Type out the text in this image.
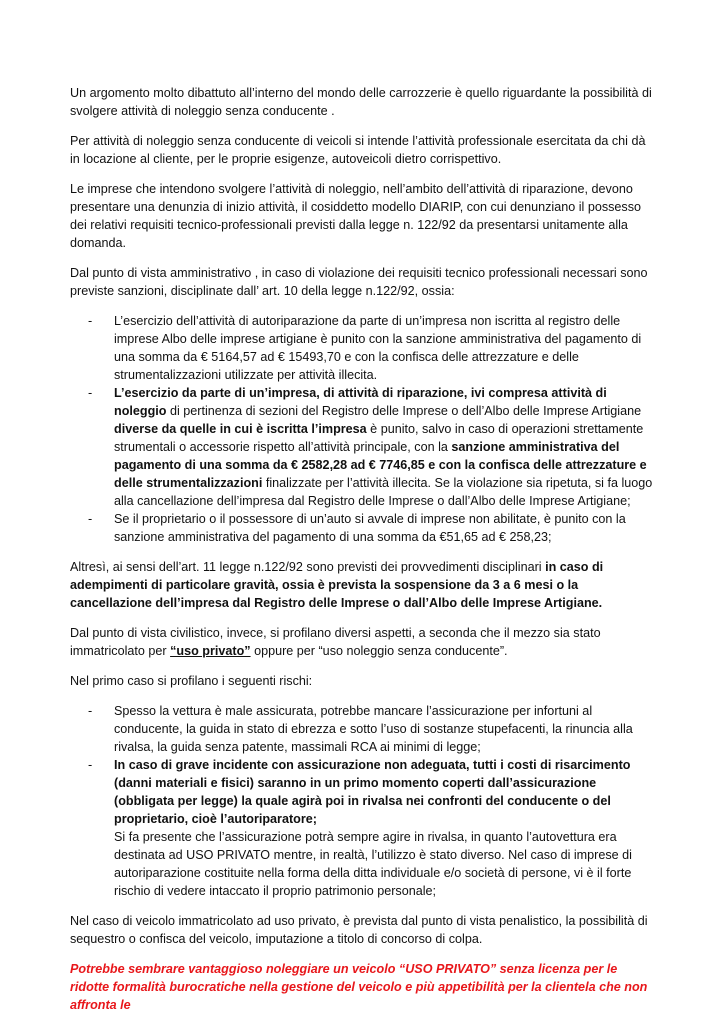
Un argomento molto dibattuto all’interno del mondo delle carrozzerie è quello riguardante la possibilità di svolgere attività di noleggio senza conducente .

Per attività di noleggio senza conducente di veicoli si intende l’attività professionale esercitata da chi dà in locazione al cliente, per le proprie esigenze, autoveicoli dietro corrispettivo.

Le imprese che intendono svolgere l’attività di noleggio, nell’ambito dell’attività di riparazione, devono presentare una denunzia di inizio attività, il cosiddetto modello DIARIP, con cui denunziano il possesso dei relativi requisiti tecnico-professionali previsti dalla legge n. 122/92 da presentarsi unitamente alla domanda.

Dal punto di vista amministrativo , in caso di violazione dei requisiti tecnico professionali necessari sono previste sanzioni, disciplinate dall’ art. 10 della legge n.122/92, ossia:

- L’esercizio dell’attività di autoriparazione da parte di un’impresa non iscritta al registro delle imprese Albo delle imprese artigiane è punito con la sanzione amministrativa del pagamento di una somma da € 5164,57 ad € 15493,70 e con la confisca delle attrezzature e delle strumentalizzazioni utilizzate per attività illecita.
- L’esercizio da parte di un’impresa, di attività di riparazione, ivi compresa attività di noleggio di pertinenza di sezioni del Registro delle Imprese o dell’Albo delle Imprese Artigiane diverse da quelle in cui è iscritta l’impresa è punito, salvo in caso di operazioni strettamente strumentali o accessorie rispetto all’attività principale, con la sanzione amministrativa del pagamento di una somma da € 2582,28 ad € 7746,85 e con la confisca delle attrezzature e delle strumentalizzazioni finalizzate per l’attività illecita. Se la violazione sia ripetuta, si fa luogo alla cancellazione dell’impresa dal Registro delle Imprese o dall’Albo delle Imprese Artigiane;
- Se il proprietario o il possessore di un’auto si avvale di imprese non abilitate, è punito con la sanzione amministrativa del pagamento di una somma da €51,65 ad € 258,23;

Altresì, ai sensi dell’art. 11 legge n.122/92 sono previsti dei provvedimenti disciplinari in caso di adempimenti di particolare gravità, ossia è prevista la sospensione da 3 a 6 mesi o la cancellazione dell’impresa dal Registro delle Imprese o dall’Albo delle Imprese Artigiane.

Dal punto di vista civilistico, invece, si profilano diversi aspetti, a seconda che il mezzo sia stato immatricolato per “uso privato” oppure per “uso noleggio senza conducente”.

Nel primo caso si profilano i seguenti rischi:

- Spesso la vettura è male assicurata, potrebbe mancare l’assicurazione per infortuni al conducente, la guida in stato di ebrezza e sotto l’uso di sostanze stupefacenti, la rinuncia alla rivalsa, la guida senza patente, massimali RCA ai minimi di legge;
- In caso di grave incidente con assicurazione non adeguata, tutti i costi di risarcimento (danni materiali e fisici) saranno in un primo momento coperti dall’assicurazione (obbligata per legge) la quale agirà poi in rivalsa nei confronti del conducente o del proprietario, cioè l’autoriparatore;
Si fa presente che l’assicurazione potrà sempre agire in rivalsa, in quanto l’autovettura era destinata ad USO PRIVATO mentre, in realtà, l’utilizzo è stato diverso. Nel caso di imprese di autoriparazione costituite nella forma della ditta individuale e/o società di persone, vi è il forte rischio di vedere intaccato il proprio patrimonio personale;

Nel caso di veicolo immatricolato ad uso privato, è prevista dal punto di vista penalistico, la possibilità di sequestro o confisca del veicolo, imputazione a titolo di concorso di colpa.

Potrebbe sembrare vantaggioso noleggiare un veicolo “USO PRIVATO” senza licenza per le ridotte formalità burocratiche nella gestione del veicolo e più appetibilità per la clientela che non affronta le
